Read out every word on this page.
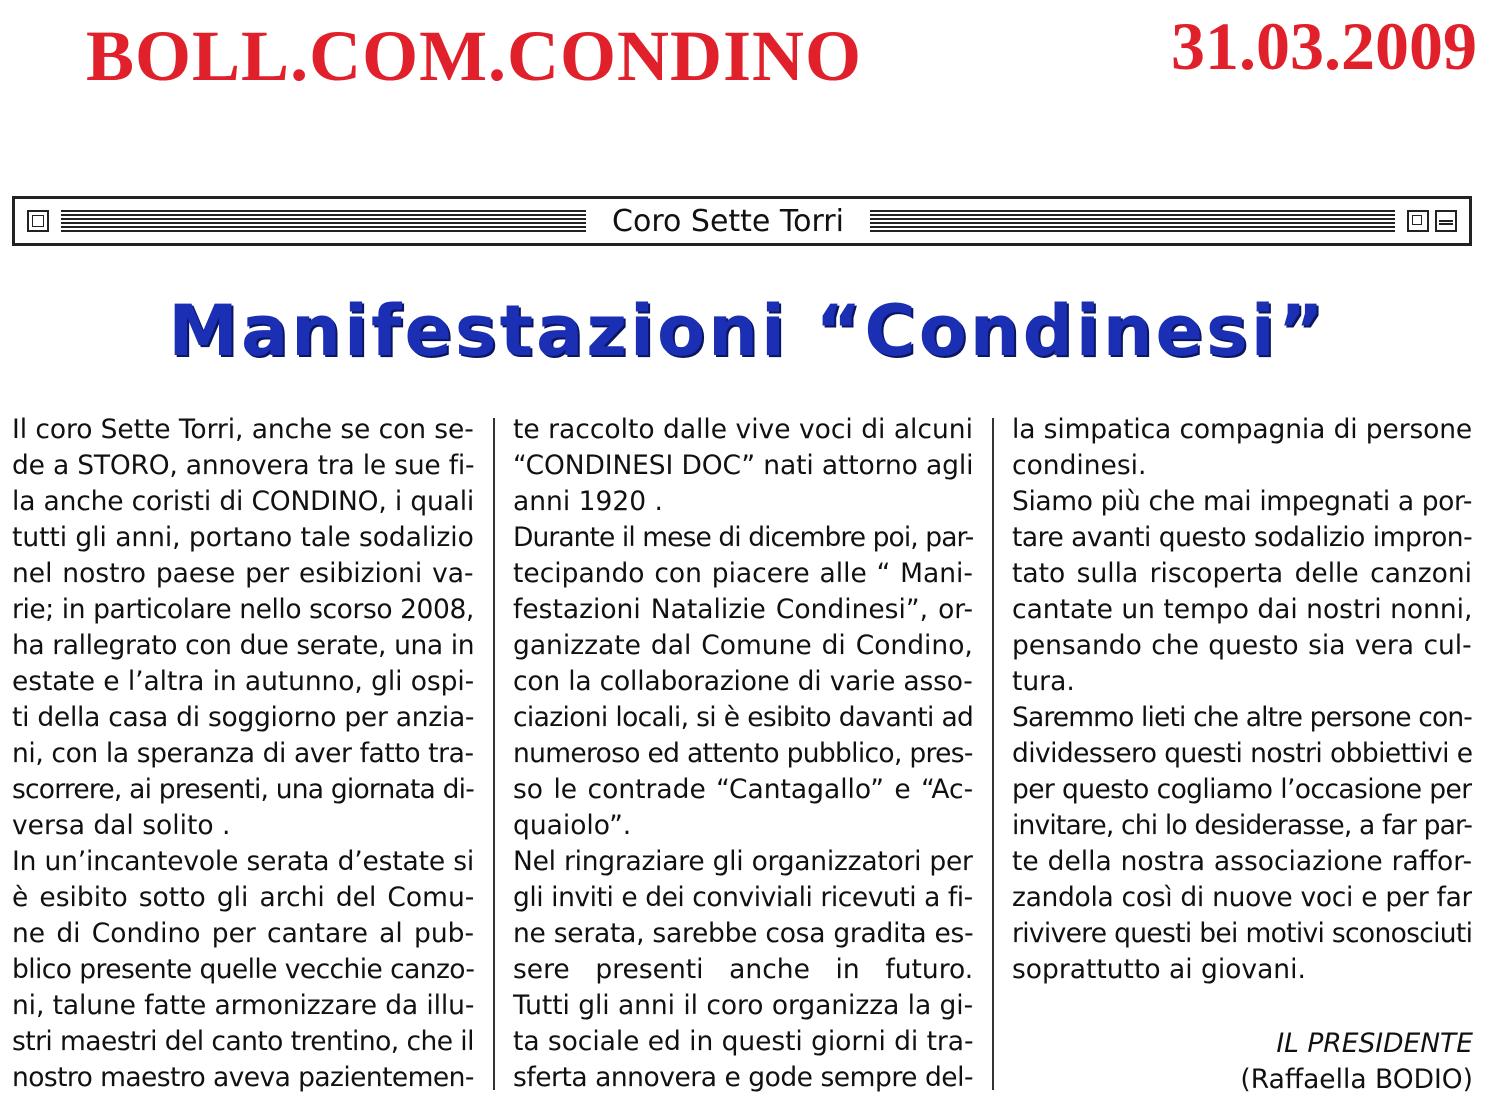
BOLL.COM.CONDINO	31.03.2009
Coro Sette Torri
Manifestazioni “Condinesi”
Il coro Sette Torri, anche se con se-
de a STORO, annovera tra le sue fi-
la anche coristi di CONDINO, i quali
tutti gli anni, portano tale sodalizio
nel nostro paese per esibizioni va-
rie; in particolare nello scorso 2008,
ha rallegrato con due serate, una in
estate e l’altra in autunno, gli ospi-
ti della casa di soggiorno per anzia-
ni, con la speranza di aver fatto tra-
scorrere, ai presenti, una giornata di-
versa dal solito .
In un’incantevole serata d’estate si
è esibito sotto gli archi del Comu-
ne di Condino per cantare al pub-
blico presente quelle vecchie canzo-
ni, talune fatte armonizzare da illu-
stri maestri del canto trentino, che il
nostro maestro aveva pazientemen-
te raccolto dalle vive voci di alcuni
“CONDINESI DOC” nati attorno agli
anni 1920 .
Durante il mese di dicembre poi, par-
tecipando con piacere alle “ Mani-
festazioni Natalizie Condinesi”, or-
ganizzate dal Comune di Condino,
con la collaborazione di varie asso-
ciazioni locali, si è esibito davanti ad
numeroso ed attento pubblico, pres-
so le contrade “Cantagallo” e “Ac-
quaiolo”.
Nel ringraziare gli organizzatori per
gli inviti e dei conviviali ricevuti a fi-
ne serata, sarebbe cosa gradita es-
sere presenti anche in futuro.
Tutti gli anni il coro organizza la gi-
ta sociale ed in questi giorni di tra-
sferta annovera e gode sempre del-
la simpatica compagnia di persone
condinesi.
Siamo più che mai impegnati a por-
tare avanti questo sodalizio impron-
tato sulla riscoperta delle canzoni
cantate un tempo dai nostri nonni,
pensando che questo sia vera cul-
tura.
Saremmo lieti che altre persone con-
dividessero questi nostri obbiettivi e
per questo cogliamo l’occasione per
invitare, chi lo desiderasse, a far par-
te della nostra associazione raffor-
zandola così di nuove voci e per far
rivivere questi bei motivi sconosciuti
soprattutto ai giovani.
IL PRESIDENTE
(Raffaella BODIO)
